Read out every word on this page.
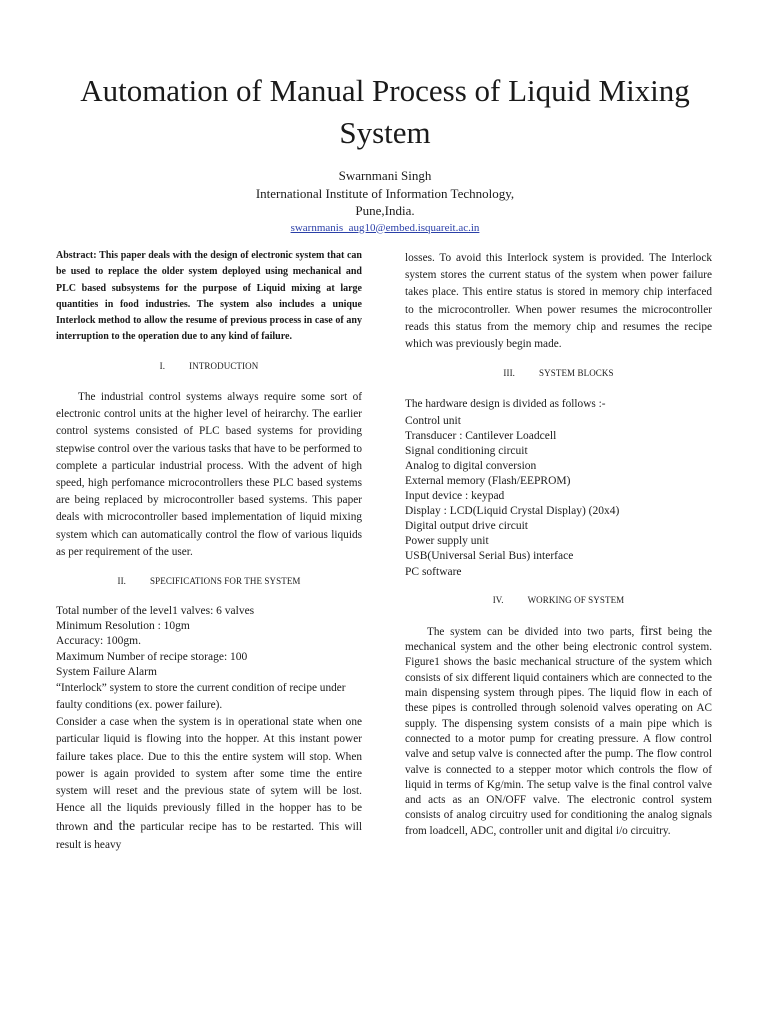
Automation of Manual Process of Liquid Mixing System
Swarnmani Singh
International Institute of Information Technology,
Pune,India.
swarnmanis_aug10@embed.isquareit.ac.in

Abstract: This paper deals with the design of electronic system that can be used to replace the older system deployed using mechanical and PLC based subsystems for the purpose of Liquid mixing at large quantities in food industries. The system also includes a unique Interlock method to allow the resume of previous process in case of any interruption to the operation due to any kind of failure.

I.	INTRODUCTION

The industrial control systems always require some sort of electronic control units at the higher level of heirarchy. The earlier control systems consisted of PLC based systems for providing stepwise control over the various tasks that have to be performed to complete a particular industrial process. With the advent of high speed, high perfomance microcontrollers these PLC based systems are being replaced by microcontroller based systems. This paper deals with microcontroller based implementation of liquid mixing system which can automatically control the flow of various liquids as per requirement of the user.

II.	SPECIFICATIONS FOR THE SYSTEM
Total number of the level1 valves: 6 valves
Minimum Resolution : 10gm
Accuracy: 100gm.
Maximum Number of recipe storage: 100
System Failure Alarm

“Interlock” system to store the current condition of recipe under faulty conditions (ex. power failure).

Consider a case when the system is in operational state when one particular liquid is flowing into the hopper. At this instant power failure takes place. Due to this the entire system will stop. When power is again provided to system after some time the entire system will reset and the previous state of sytem will be lost. Hence all the liquids previously filled in the hopper has to be thrown and the particular recipe has to be restarted. This will result is heavy

losses. To avoid this Interlock system is provided. The Interlock system stores the current status of the system when power failure takes place. This entire status is stored in memory chip interfaced to the microcontroller. When power resumes the microcontroller reads this status from the memory chip and resumes the recipe which was previously begin made.

III.	SYSTEM BLOCKS

The hardware design is divided as follows :-

Control unit
Transducer : Cantilever Loadcell
Signal conditioning circuit
Analog to digital conversion
External memory (Flash/EEPROM)
Input device : keypad
Display : LCD(Liquid Crystal Display) (20x4)
Digital output drive circuit
Power supply unit
USB(Universal Serial Bus) interface
PC software
IV.	WORKING OF SYSTEM

The system can be divided into two parts, first being the mechanical system and the other being electronic control system. Figure1 shows the basic mechanical structure of the system which consists of six different liquid containers which are connected to the main dispensing system through pipes. The liquid flow in each of these pipes is controlled through solenoid valves operating on AC supply. The dispensing system consists of a main pipe which is connected to a motor pump for creating pressure. A flow control valve and setup valve is connected after the pump. The flow control valve is connected to a stepper motor which controls the flow of liquid in terms of Kg/min. The setup valve is the final control valve and acts as an ON/OFF valve. The electronic control system consists of analog circuitry used for conditioning the analog signals from loadcell, ADC, controller unit and digital i/o circuitry.
